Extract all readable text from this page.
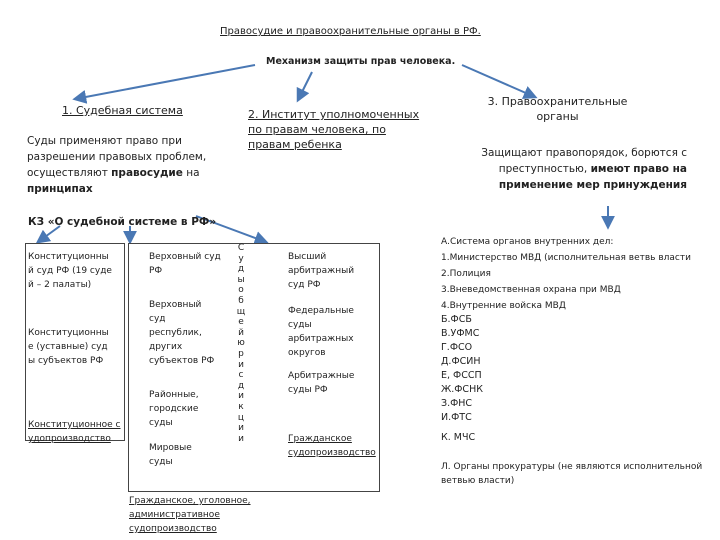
Правосудие и правоохранительные органы в РФ.
Механизм защиты прав человека.
1. Судебная система
Суды применяют право при разрешении правовых проблем, осуществляют правосудие на принципах
2. Институт уполномоченных по правам человека, по правам ребенка
3. Правоохранительные органы
Защищают правопорядок, борются с преступностью, имеют право на применение мер принуждения
КЗ «О судебной системе в РФ»
Конституционный суд РФ (19 судей – 2 палаты)
Конституционные (уставные) суды субъектов РФ
Конституционное судопроизводство
Верховный суд РФ
Верховный суд республик, других субъектов РФ
Районные, городские суды
Мировые суды
С
у
д
ы
о
б
щ
е
й
ю
р
и
с
д
и
к
ц
и
и
Высший арбитражный суд РФ
Федеральные суды арбитражных округов
Арбитражные суды РФ
Гражданское судопроизводство
Гражданское, уголовное, административное судопроизводство
А.Система органов внутренних дел:
1.Министерство МВД (исполнительная ветвь власти
2.Полиция
3.Вневедомственная охрана при МВД
4.Внутренние войска МВД
Б.ФСБ
В.УФМС
Г.ФСО
Д.ФСИН
Е, ФССП
Ж.ФСНК
З.ФНС
И.ФТС
К. МЧС
Л. Органы прокуратуры (не являются исполнительной ветвью власти)
